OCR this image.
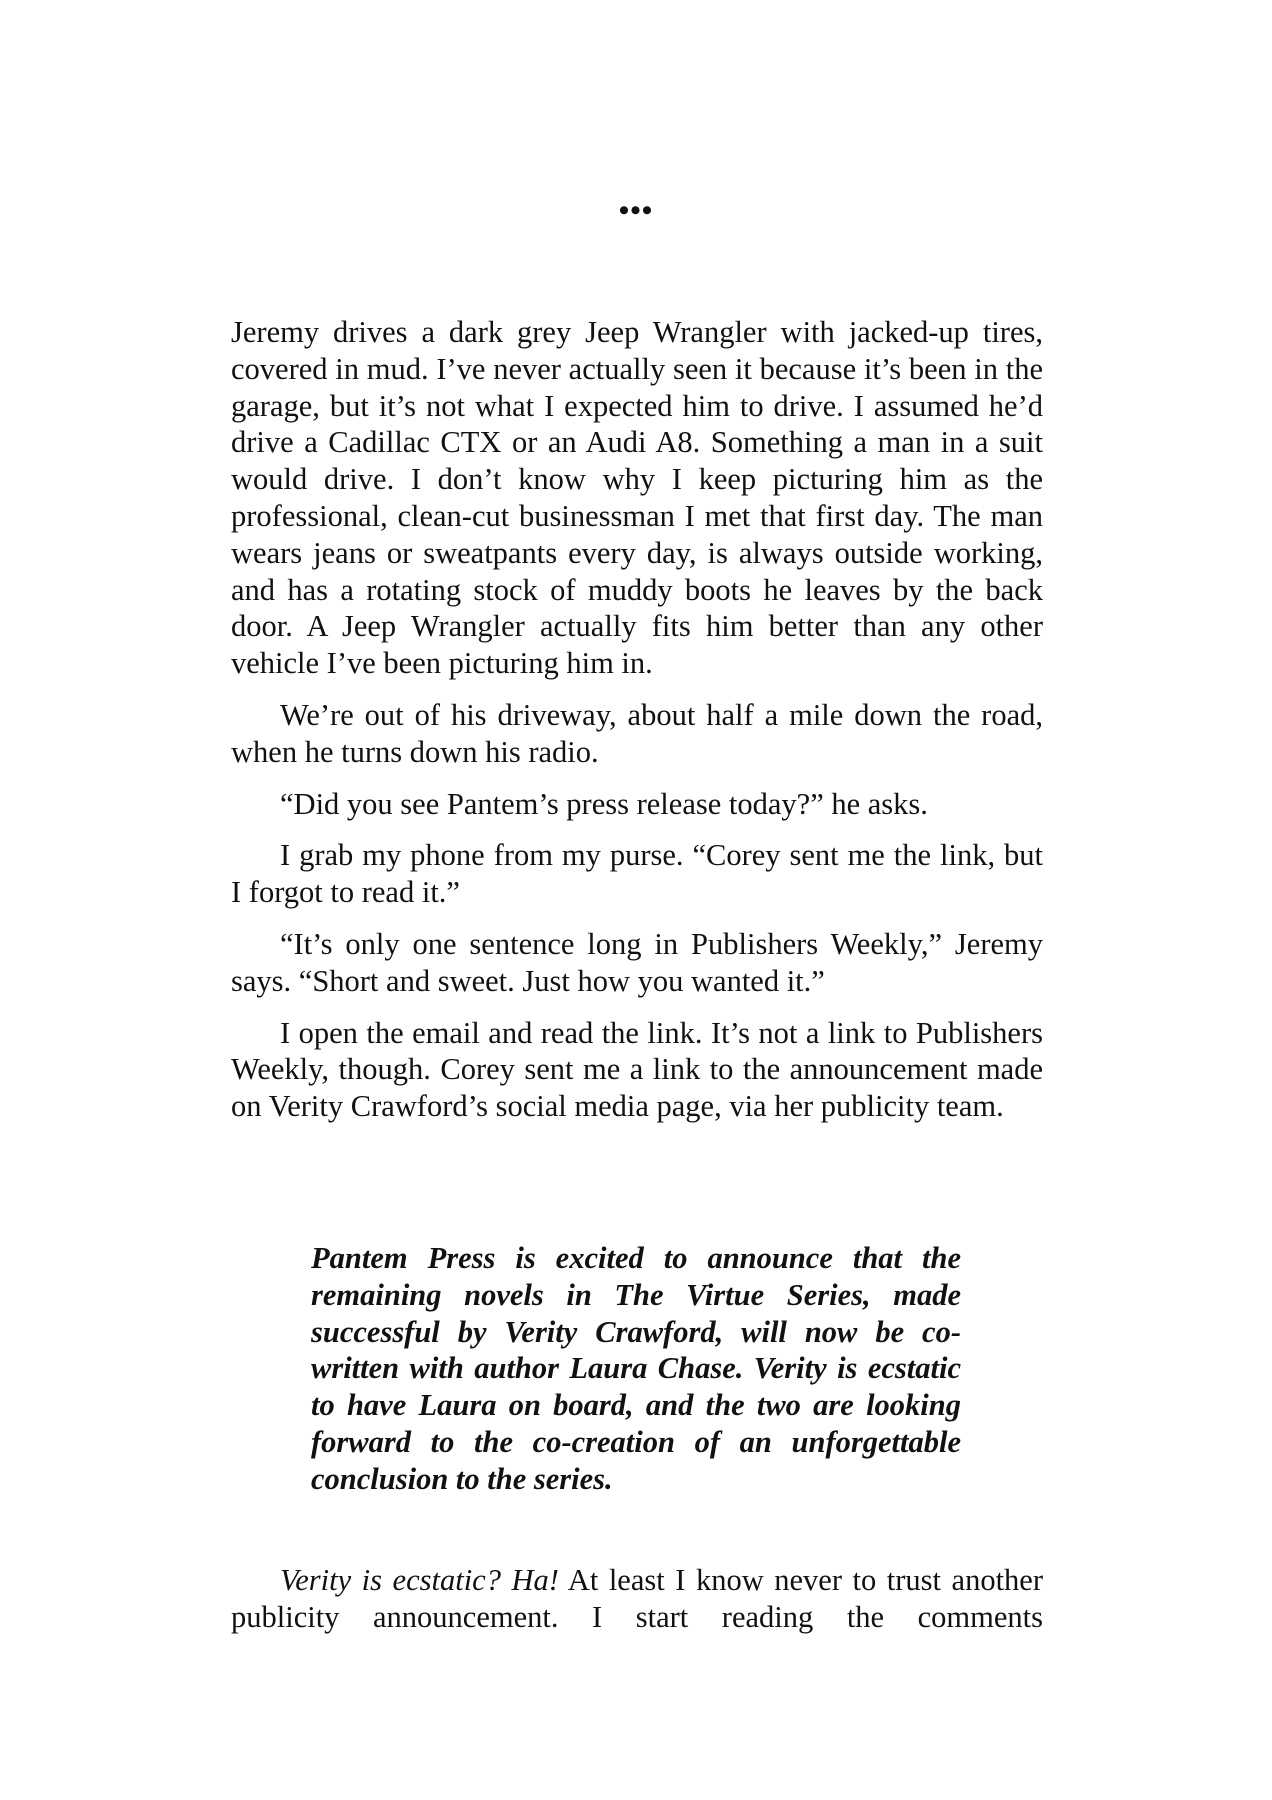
•••

Jeremy drives a dark grey Jeep Wrangler with jacked-up tires, covered in mud. I’ve never actually seen it because it’s been in the garage, but it’s not what I expected him to drive. I assumed he’d drive a Cadillac CTX or an Audi A8. Something a man in a suit would drive. I don’t know why I keep picturing him as the professional, clean-cut businessman I met that first day. The man wears jeans or sweatpants every day, is always outside working, and has a rotating stock of muddy boots he leaves by the back door. A Jeep Wrangler actually fits him better than any other vehicle I’ve been picturing him in.

We’re out of his driveway, about half a mile down the road, when he turns down his radio.

“Did you see Pantem’s press release today?” he asks.

I grab my phone from my purse. “Corey sent me the link, but I forgot to read it.”

“It’s only one sentence long in Publishers Weekly,” Jeremy says. “Short and sweet. Just how you wanted it.”

I open the email and read the link. It’s not a link to Publishers Weekly, though. Corey sent me a link to the announcement made on Verity Crawford’s social media page, via her publicity team.

Pantem Press is excited to announce that the remaining novels in The Virtue Series, made successful by Verity Crawford, will now be co-written with author Laura Chase. Verity is ecstatic to have Laura on board, and the two are looking forward to the co-creation of an unforgettable conclusion to the series.

Verity is ecstatic? Ha! At least I know never to trust another publicity announcement. I start reading the comments
